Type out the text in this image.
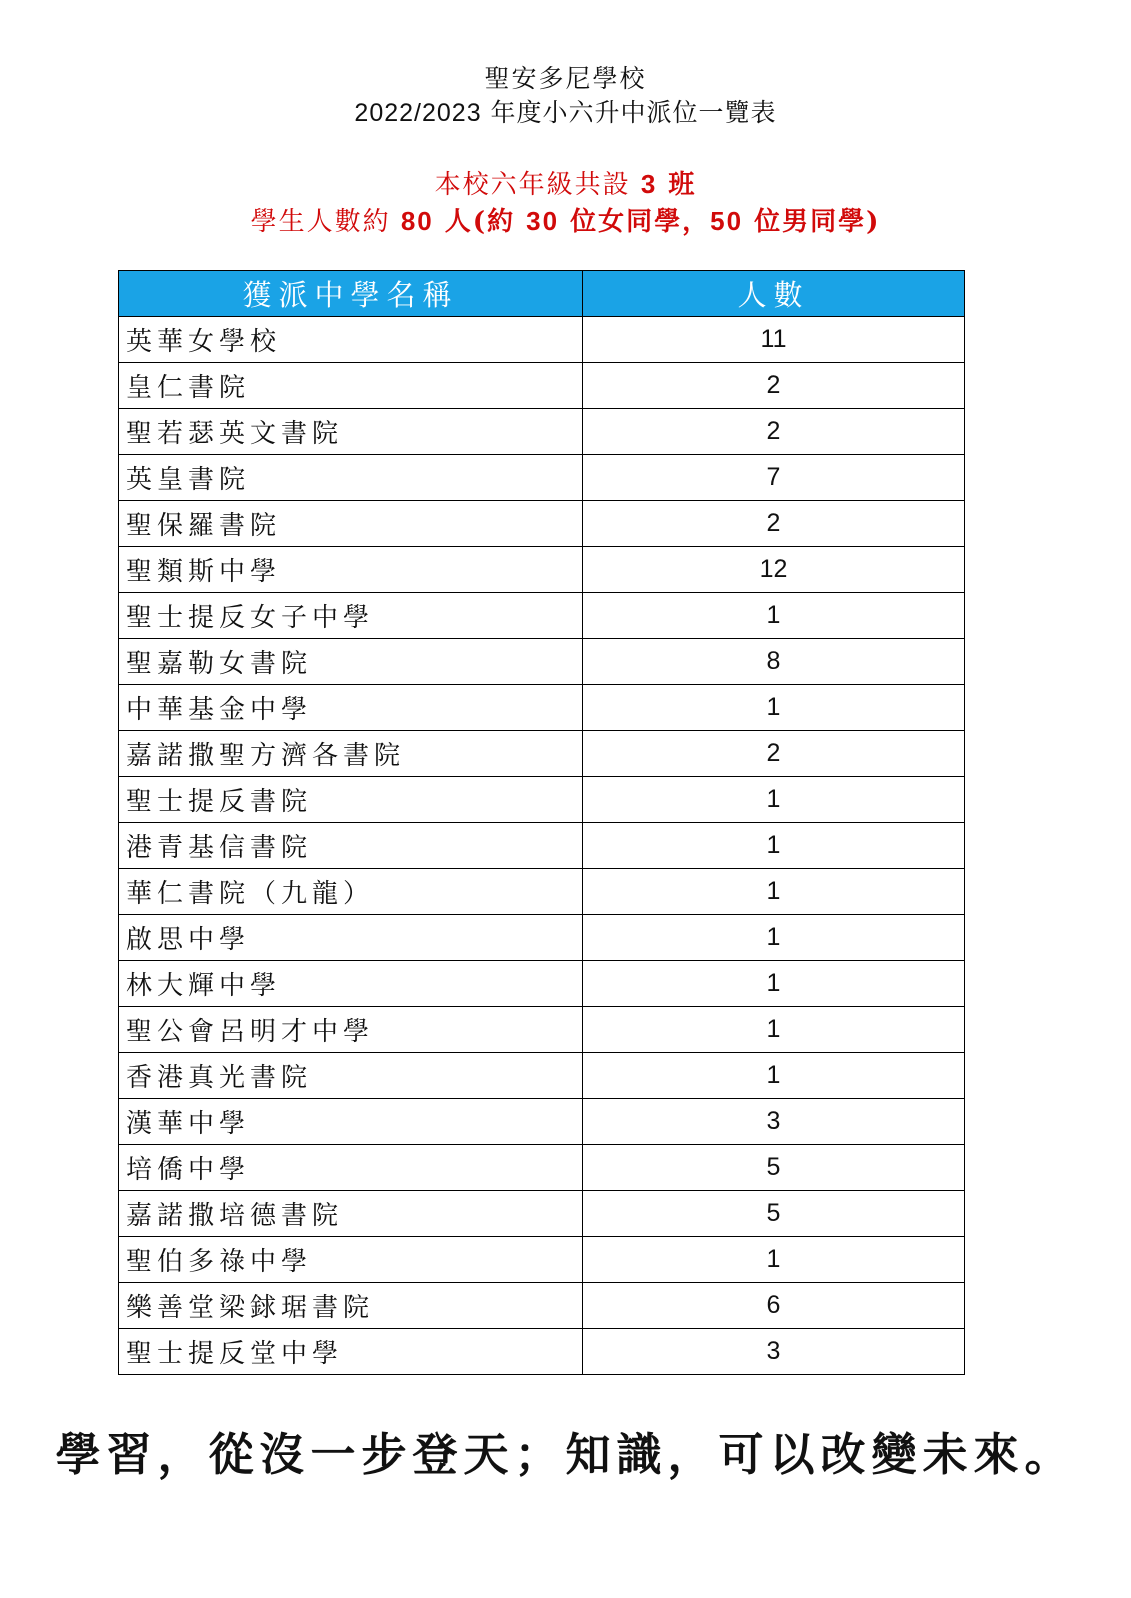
聖安多尼學校
2022/2023 年度小六升中派位一覽表
本校六年級共設 3 班
學生人數約 80 人(約 30 位女同學，50 位男同學)
獲派中學名稱	人數
英華女學校	11
皇仁書院	2
聖若瑟英文書院	2
英皇書院	7
聖保羅書院	2
聖類斯中學	12
聖士提反女子中學	1
聖嘉勒女書院	8
中華基金中學	1
嘉諾撒聖方濟各書院	2
聖士提反書院	1
港青基信書院	1
華仁書院（九龍）	1
啟思中學	1
林大輝中學	1
聖公會呂明才中學	1
香港真光書院	1
漢華中學	3
培僑中學	5
嘉諾撒培德書院	5
聖伯多祿中學	1
樂善堂梁銶琚書院	6
聖士提反堂中學	3
學習，從沒一步登天；知識，可以改變未來。
